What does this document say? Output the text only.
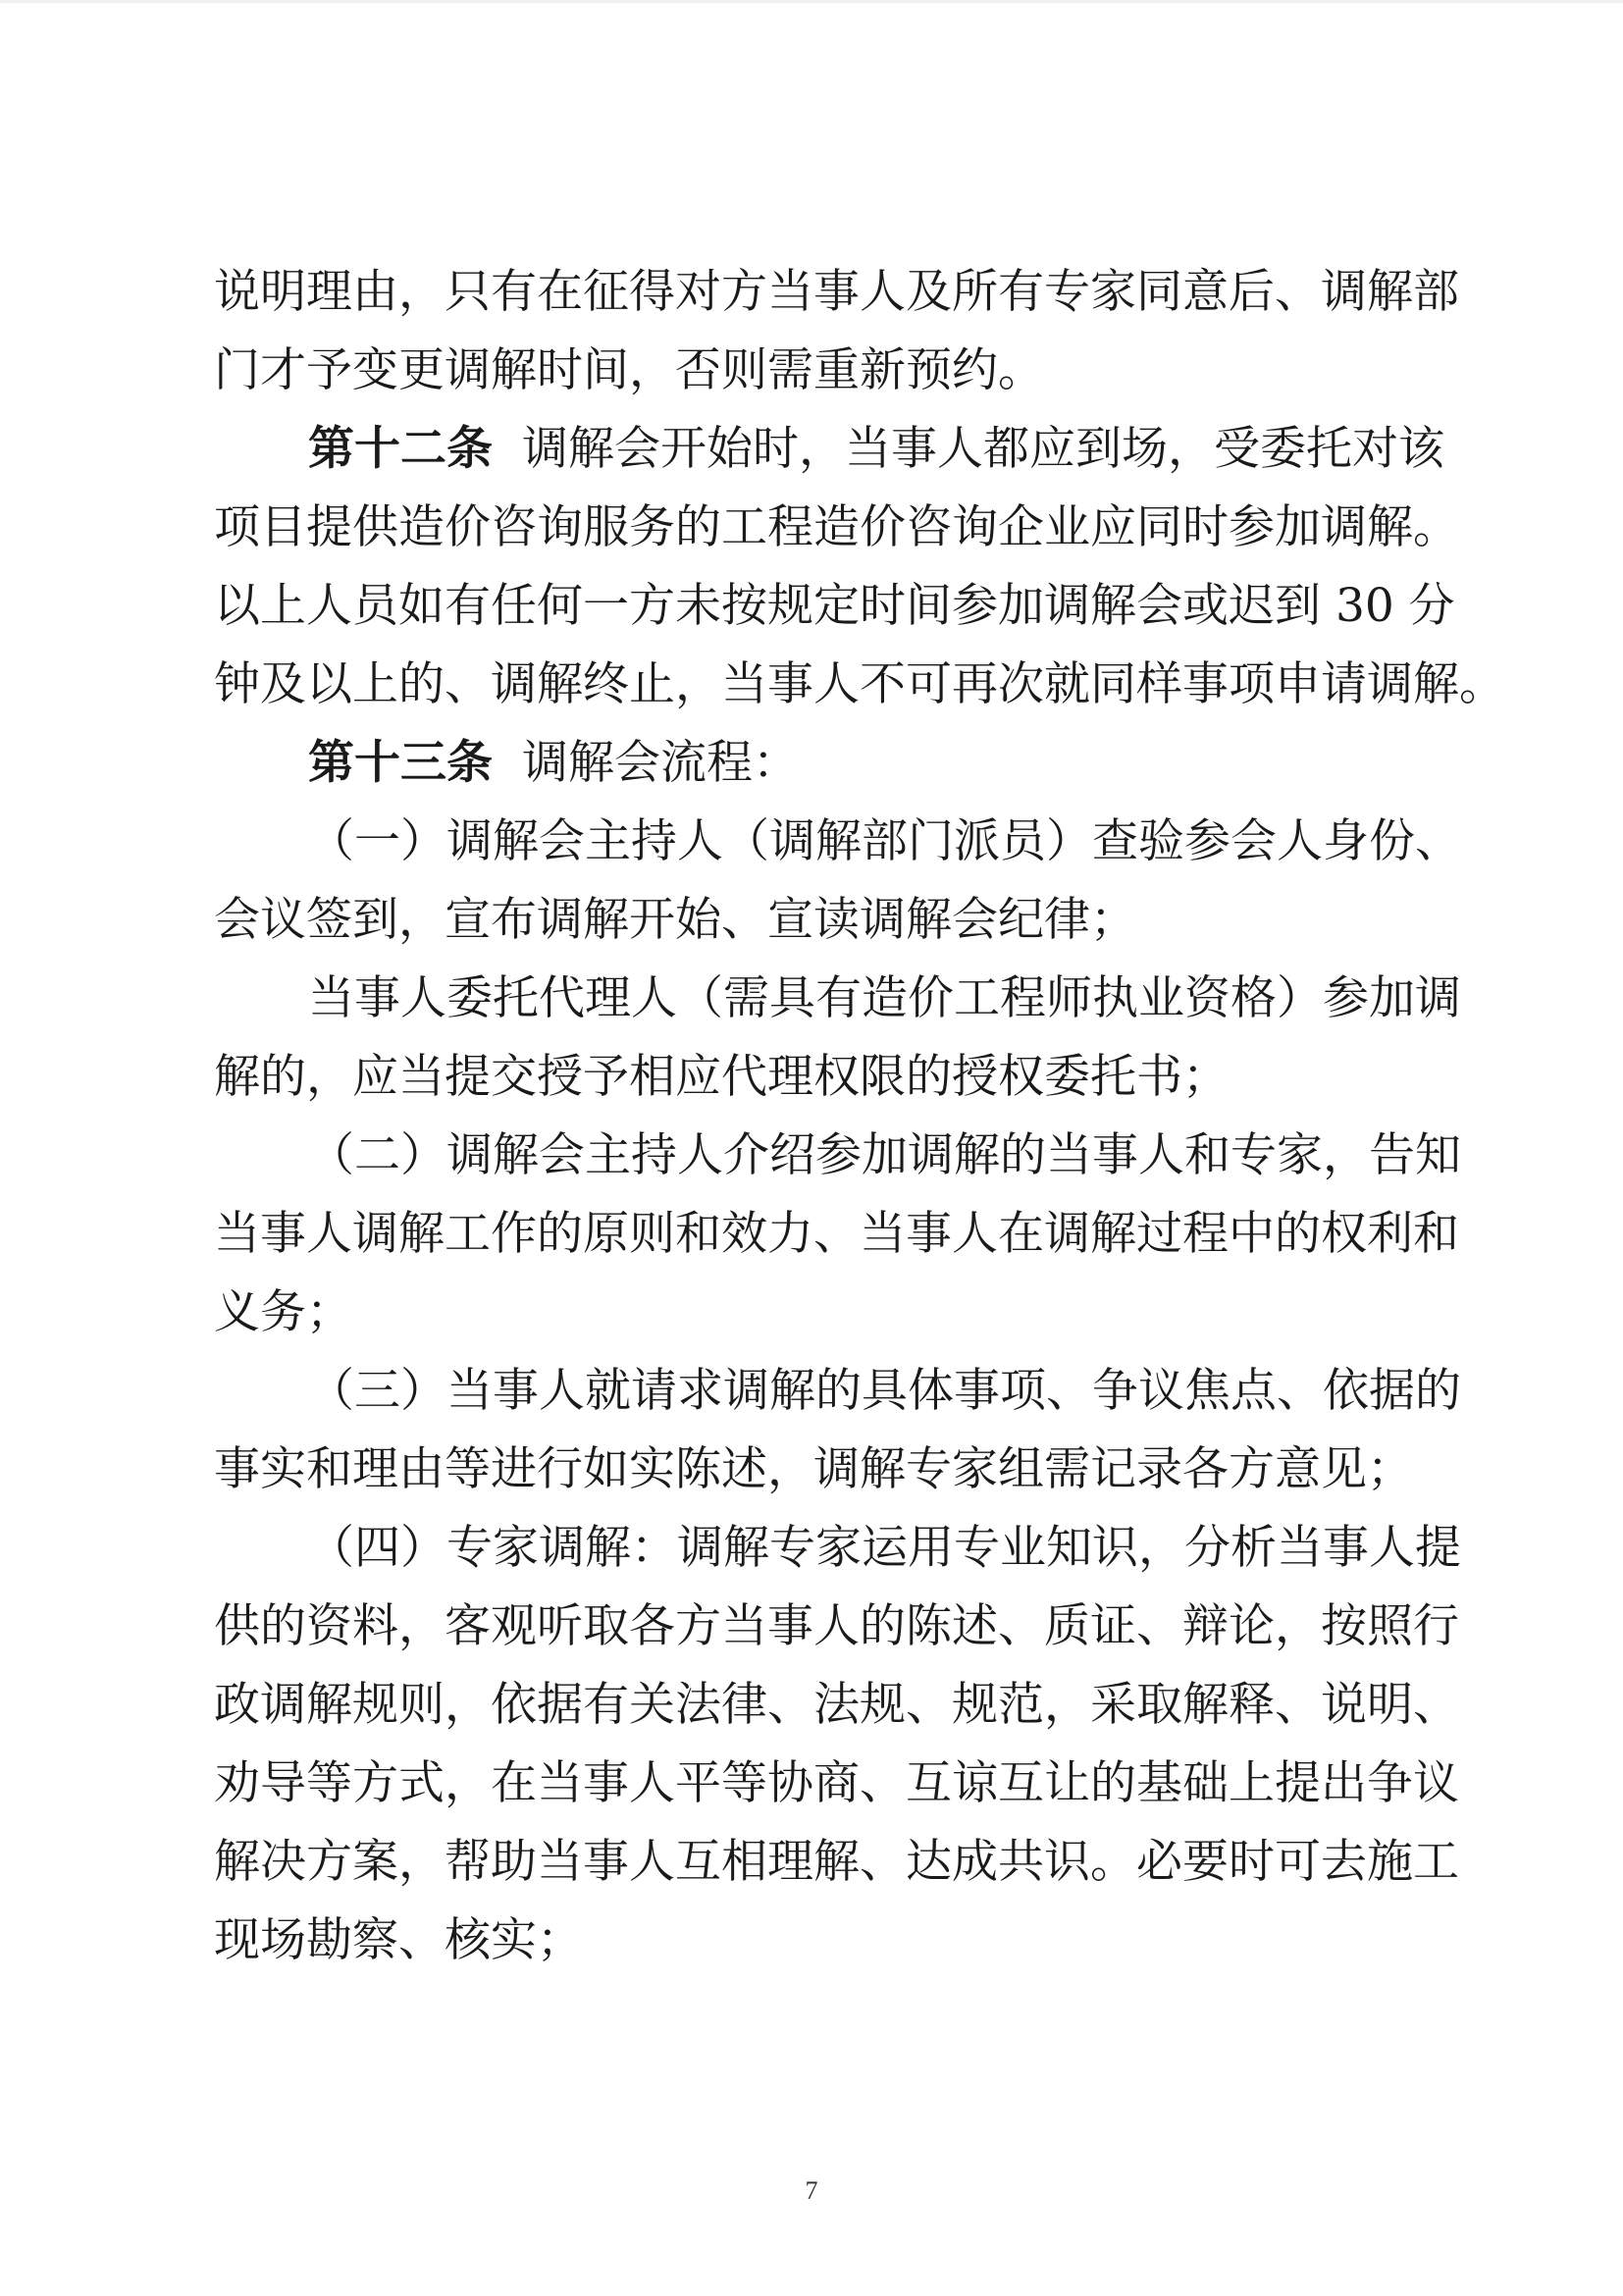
说明理由，只有在征得对方当事人及所有专家同意后、调解部
门才予变更调解时间，否则需重新预约。
第十二条 调解会开始时，当事人都应到场，受委托对该
项目提供造价咨询服务的工程造价咨询企业应同时参加调解。
以上人员如有任何一方未按规定时间参加调解会或迟到 30 分
钟及以上的、调解终止，当事人不可再次就同样事项申请调解。
第十三条 调解会流程：
（一）调解会主持人（调解部门派员）查验参会人身份、
会议签到，宣布调解开始、宣读调解会纪律；
当事人委托代理人（需具有造价工程师执业资格）参加调
解的，应当提交授予相应代理权限的授权委托书；
（二）调解会主持人介绍参加调解的当事人和专家，告知
当事人调解工作的原则和效力、当事人在调解过程中的权利和
义务；
（三）当事人就请求调解的具体事项、争议焦点、依据的
事实和理由等进行如实陈述，调解专家组需记录各方意见；
（四）专家调解：调解专家运用专业知识，分析当事人提
供的资料，客观听取各方当事人的陈述、质证、辩论，按照行
政调解规则，依据有关法律、法规、规范，采取解释、说明、
劝导等方式，在当事人平等协商、互谅互让的基础上提出争议
解决方案，帮助当事人互相理解、达成共识。必要时可去施工
现场勘察、核实；
7
